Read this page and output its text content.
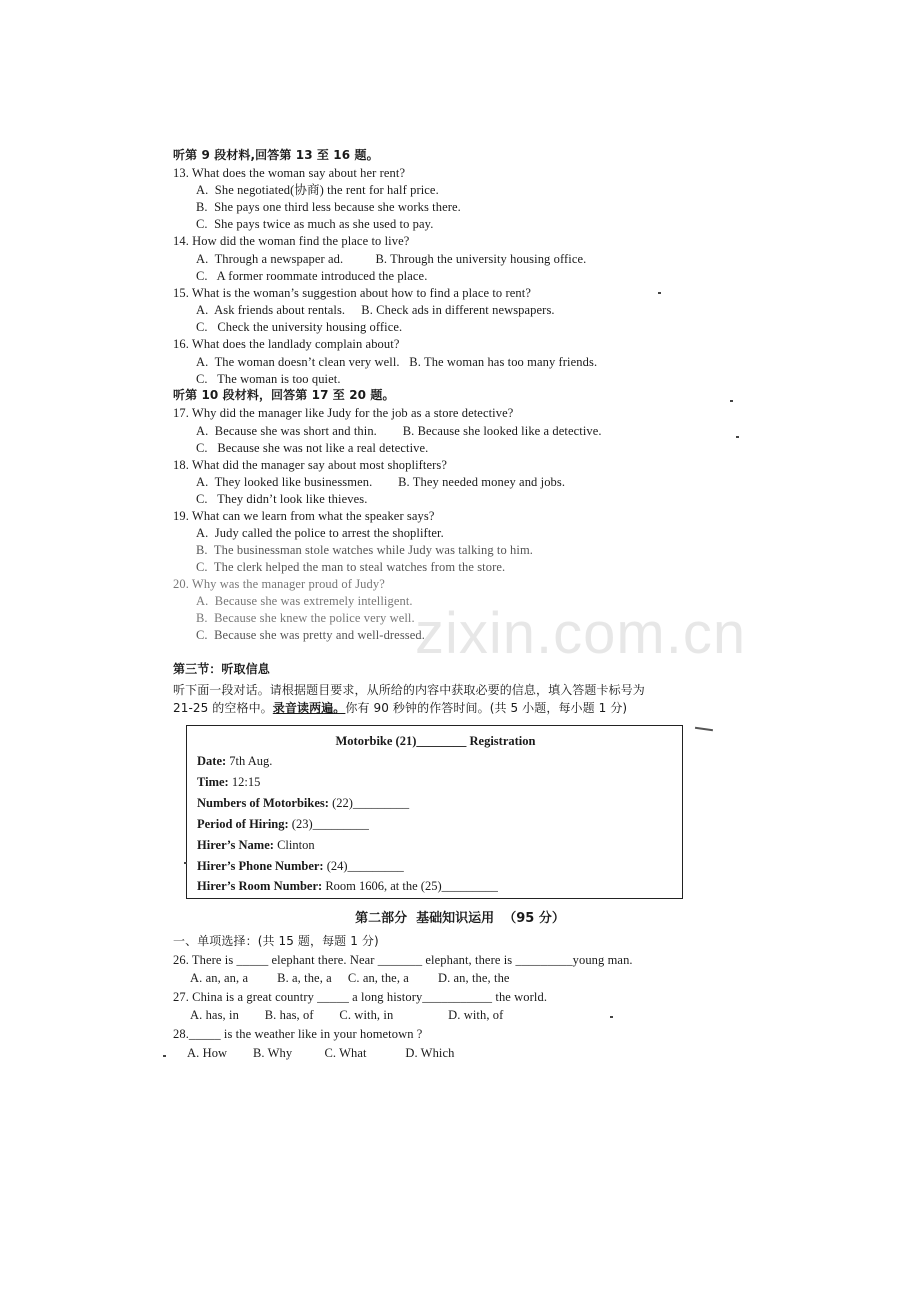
zixin.com.cn
听第 9 段材料,回答第 13 至 16 题。
13. What does the woman say about her rent?
A.  She negotiated(协商) the rent for half price.
B.  She pays one third less because she works there.
C.  She pays twice as much as she used to pay.
14. How did the woman find the place to live?
A.  Through a newspaper ad.          B. Through the university housing office.
C.   A former roommate introduced the place.
15. What is the woman’s suggestion about how to find a place to rent?
A.  Ask friends about rentals.     B. Check ads in different newspapers.
C.   Check the university housing office.
16. What does the landlady complain about?
A.  The woman doesn’t clean very well.   B. The woman has too many friends.
C.   The woman is too quiet.
听第 10 段材料，回答第 17 至 20 题。
17. Why did the manager like Judy for the job as a store detective?
A.  Because she was short and thin.        B. Because she looked like a detective.
C.   Because she was not like a real detective.
18. What did the manager say about most shoplifters?
A.  They looked like businessmen.        B. They needed money and jobs.
C.   They didn’t look like thieves.
19. What can we learn from what the speaker says?
A.  Judy called the police to arrest the shoplifter.
B.  The businessman stole watches while Judy was talking to him.
C.  The clerk helped the man to steal watches from the store.
20. Why was the manager proud of Judy?
A.  Because she was extremely intelligent.
B.  Because she knew the police very well.
C.  Because she was pretty and well-dressed.
第三节：听取信息
听下面一段对话。请根据题目要求，从所给的内容中获取必要的信息，填入答题卡标号为
21-25 的空格中。录音读两遍。你有 90 秒钟的作答时间。(共 5 小题，每小题 1 分)
Motorbike (21)________ Registration
Date: 7th Aug.
Time: 12:15
Numbers of Motorbikes: (22)_________
Period of Hiring: (23)_________
Hirer’s Name: Clinton
Hirer’s Phone Number: (24)_________
Hirer’s Room Number: Room 1606, at the (25)_________
第二部分  基础知识运用  （95 分）
一、单项选择：(共 15 题，每题 1 分)
26. There is _____ elephant there. Near _______ elephant, there is _________young man.
A. an, an, a         B. a, the, a     C. an, the, a         D. an, the, the
27. China is a great country _____ a long history___________ the world.
A. has, in        B. has, of        C. with, in                 D. with, of
28._____ is the weather like in your hometown ?
A. How        B. Why          C. What            D. Which
